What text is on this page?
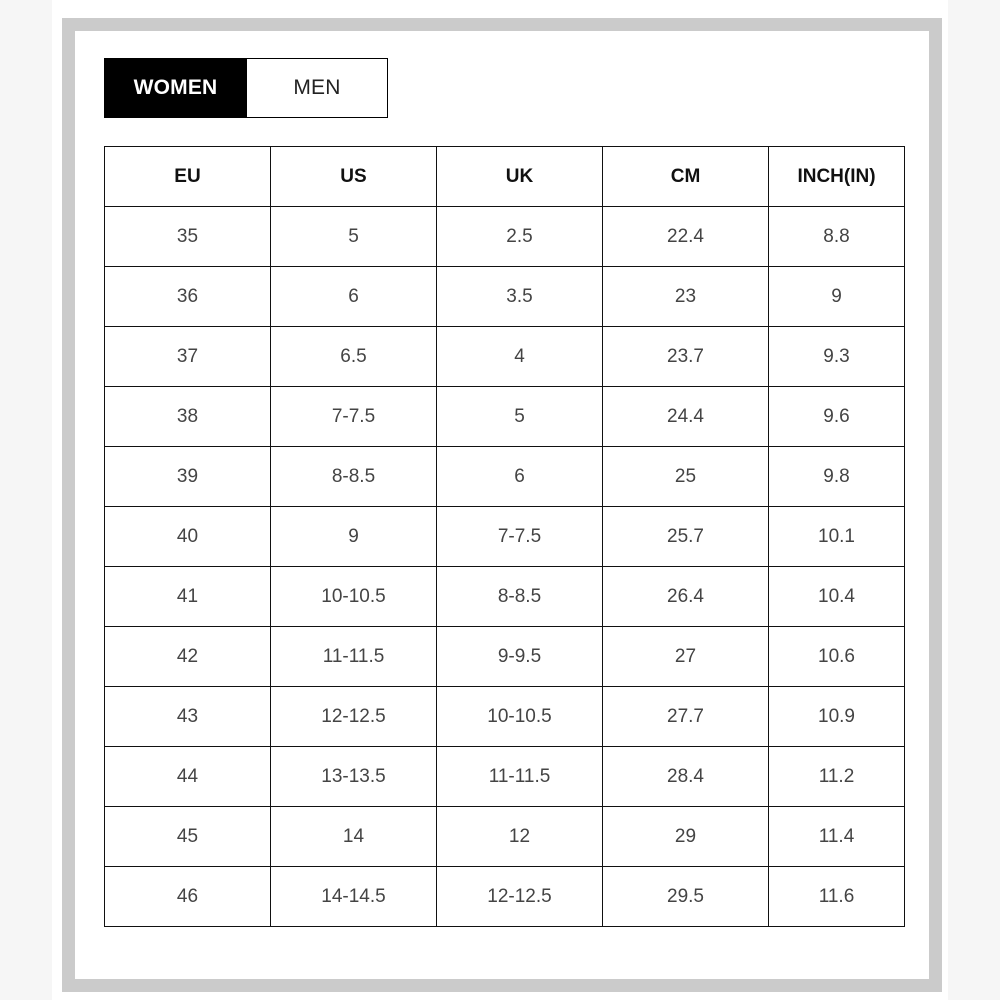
WOMEN	MEN
EU	US	UK	CM	INCH(IN)
35	5	2.5	22.4	8.8
36	6	3.5	23	9
37	6.5	4	23.7	9.3
38	7-7.5	5	24.4	9.6
39	8-8.5	6	25	9.8
40	9	7-7.5	25.7	10.1
41	10-10.5	8-8.5	26.4	10.4
42	11-11.5	9-9.5	27	10.6
43	12-12.5	10-10.5	27.7	10.9
44	13-13.5	11-11.5	28.4	11.2
45	14	12	29	11.4
46	14-14.5	12-12.5	29.5	11.6
